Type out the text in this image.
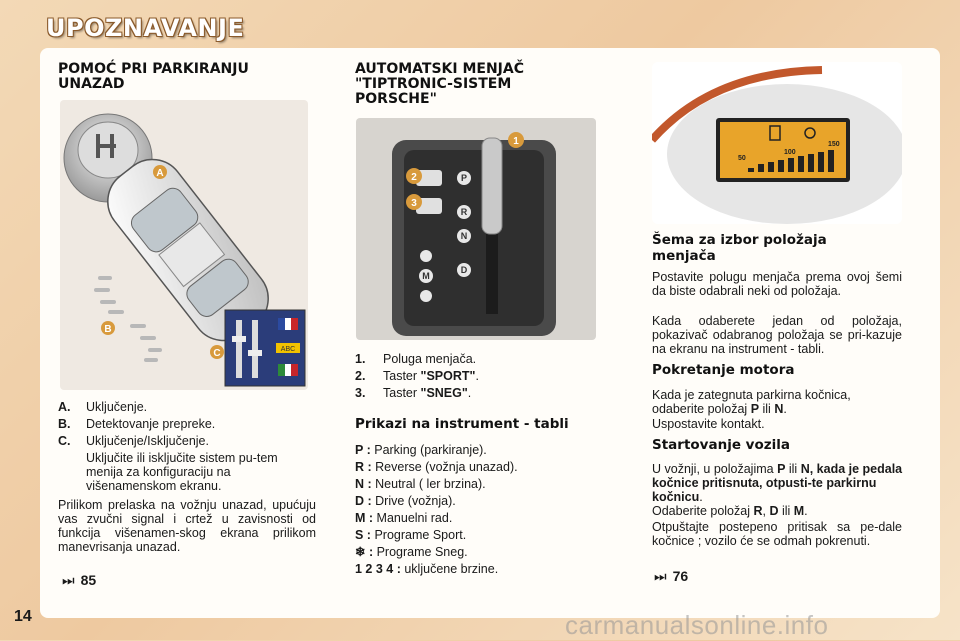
UPOZNAVANJE
POMOĆ PRI PARKIRANJU
UNAZAD
ABC
A
B
C
A.	Uključenje.
B.	Detektovanje prepreke.
C.	Uključenje/Isključenje.
Uključite ili isključite sistem pu-tem menija za konfiguraciju na višenamenskom ekranu.
Prilikom prelaska na vožnju unazad, upućuju vas zvučni signal i crtež u zavisnosti od funkcija višenamen-skog ekrana prilikom manevrisanja unazad.
⏭ 85
AUTOMATSKI MENJAČ
"TIPTRONIC-SISTEM
PORSCHE"
P
R
N
D
M
1
2
3
1.	Poluga menjača.
2.	Taster "SPORT".
3.	Taster "SNEG".
Prikazi na instrument - tabli
P : Parking (parkiranje).
R : Reverse (vožnja unazad).
N : Neutral ( ler brzina).
D : Drive (vožnja).
M : Manuelni rad.
S : Programe Sport.
❄ : Programe Sneg.
1 2 3 4 : uključene brzine.
50
100
150
Šema za izbor položaja
menjača
Postavite polugu menjača prema ovoj šemi da biste odabrali neki od položaja.
Kada odaberete jedan od položaja, pokazivač odabranog položaja se pri-kazuje na ekranu na instrument - tabli.
Pokretanje motora
Kada je zategnuta parkirna kočnica, odaberite položaj P ili N.
Uspostavite kontakt.
Startovanje vozila
U vožnji, u položajima P ili N, kada je pedala kočnice pritisnuta, otpusti-te parkirnu kočnicu.
Odaberite položaj R, D ili M.
Otpuštajte postepeno pritisak sa pe-dale kočnice ; vozilo će se odmah pokrenuti.
⏭ 76
14	carmanualsonline.info
